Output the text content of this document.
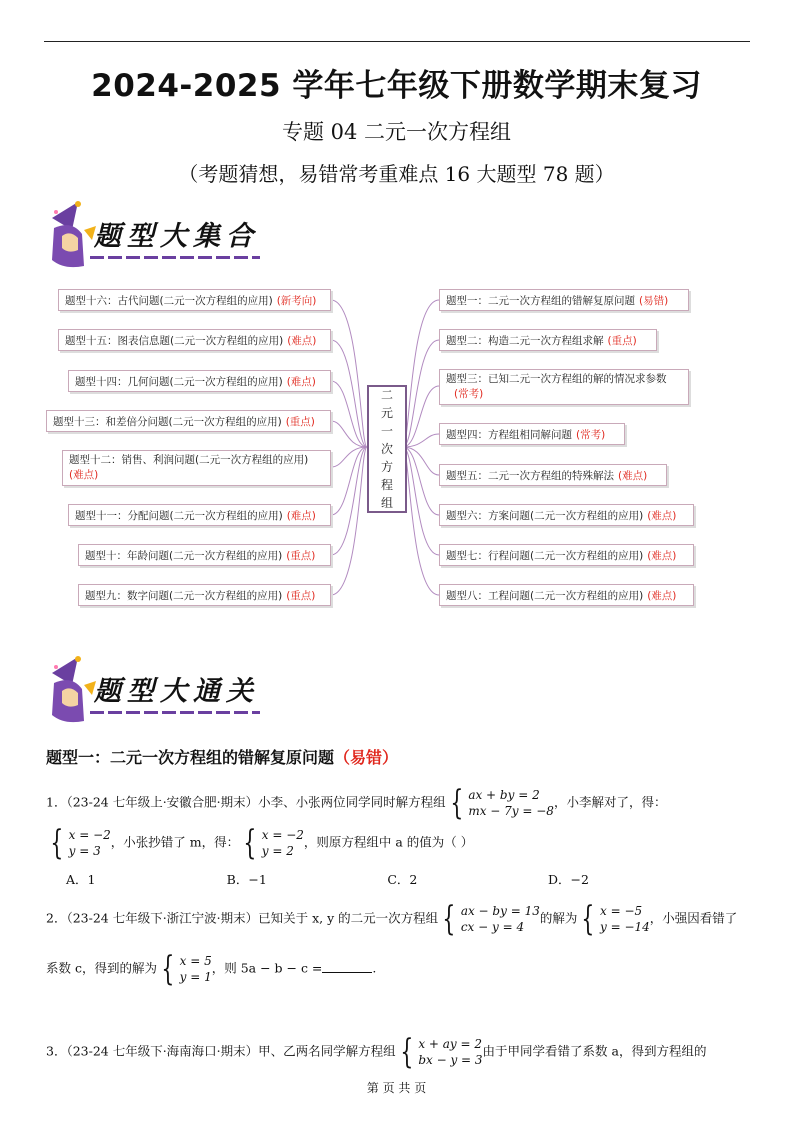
2024-2025 学年七年级下册数学期末复习
专题 04 二元一次方程组
（考题猜想，易错常考重难点 16 大题型 78 题）
题型大集合
二
元
一
次
方
程
组
题型十六：古代问题(二元一次方程组的应用) (新考向)
题型十五：图表信息题(二元一次方程组的应用) (难点)
题型十四：几何问题(二元一次方程组的应用) (难点)
题型十三：和差倍分问题(二元一次方程组的应用) (重点)
题型十二：销售、利润问题(二元一次方程组的应用)
(难点)
题型十一：分配问题(二元一次方程组的应用) (难点)
题型十：年龄问题(二元一次方程组的应用) (重点)
题型九：数字问题(二元一次方程组的应用) (重点)
题型一：二元一次方程组的错解复原问题 (易错)
题型二：构造二元一次方程组求解 (重点)
题型三：已知二元一次方程组的解的情况求参数
(常考)
题型四：方程组相同解问题 (常考)
题型五：二元一次方程组的特殊解法 (难点)
题型六：方案问题(二元一次方程组的应用) (难点)
题型七：行程问题(二元一次方程组的应用) (难点)
题型八：工程问题(二元一次方程组的应用) (难点)
题型大通关
题型一：二元一次方程组的错解复原问题（易错）
1．（23-24 七年级上·安徽合肥·期末）小李、小张两位同学同时解方程组 { ax + by = 2
mx − 7y = −8
，小李解对了，得：
{ x = −2
y = 3
，小张抄错了 m，得： { x = −2
y = 2
，则原方程组中 a 的值为（ ）
A．1	B．−1	C．2	D．−2
2．（23-24 七年级下·浙江宁波·期末）已知关于 x, y 的二元一次方程组 { ax − by = 13
cx − y = 4
的解为 { x = −5
y = −14
，小强因看错了
系数 c，得到的解为 { x = 5
y = 1
，则 5a − b − c =	.
3．（23-24 七年级下·海南海口·期末）甲、乙两名同学解方程组 { x + ay = 2
bx − y = 3
由于甲同学看错了系数 a，得到方程组的
第 页 共 页
